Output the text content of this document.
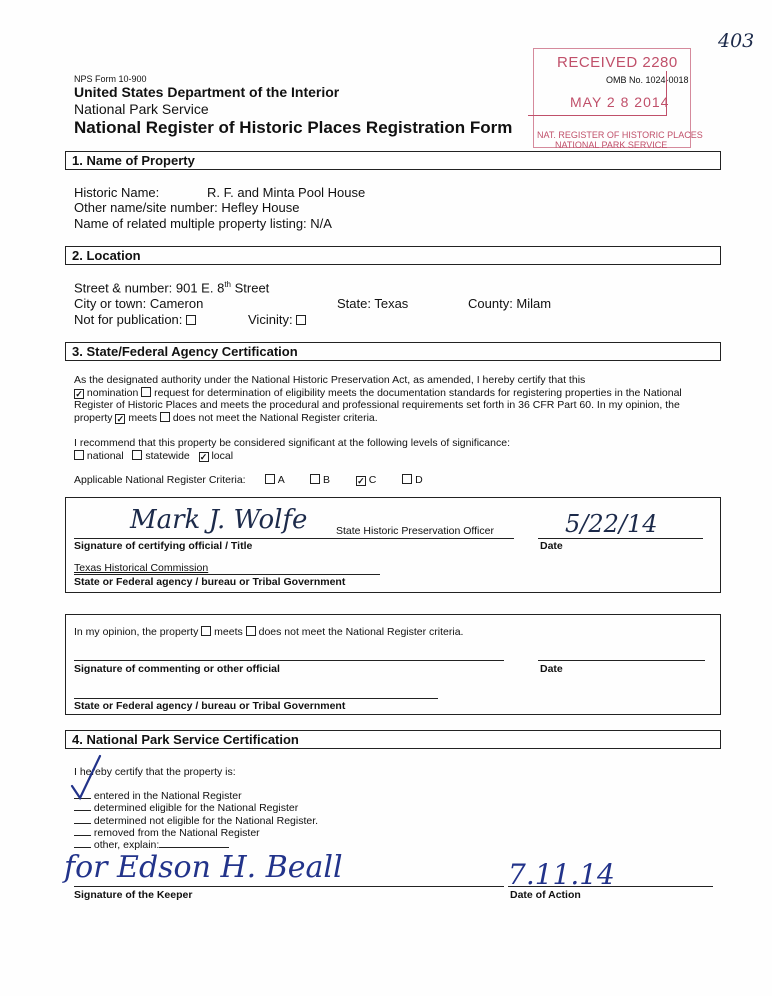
403
NPS Form 10-900	OMB No. 1024-0018
United States Department of the Interior
National Park Service
National Register of Historic Places Registration Form
RECEIVED 2280
MAY 2 8 2014
NAT. REGISTER OF HISTORIC PLACES
NATIONAL PARK SERVICE
1. Name of Property
Historic Name:	R. F. and Minta Pool House
Other name/site number: Hefley House
Name of related multiple property listing: N/A
2. Location
Street & number: 901 E. 8th Street
City or town: Cameron	State: Texas	County: Milam
Not for publication:	Vicinity:
3. State/Federal Agency Certification
As the designated authority under the National Historic Preservation Act, as amended, I hereby certify that this
✓ nomination request for determination of eligibility meets the documentation standards for registering properties in the National
Register of Historic Places and meets the procedural and professional requirements set forth in 36 CFR Part 60. In my opinion, the
property ✓ meets does not meet the National Register criteria.
I recommend that this property be considered significant at the following levels of significance:
national statewide ✓ local
Applicable National Register Criteria:	A	B	✓ C	D
Mark J. Wolfe	State Historic Preservation Officer	5/22/14
Signature of certifying official / Title	Date
Texas Historical Commission
State or Federal agency / bureau or Tribal Government
In my opinion, the property meets does not meet the National Register criteria.
Signature of commenting or other official	Date
State or Federal agency / bureau or Tribal Government
4. National Park Service Certification
I hereby certify that the property is:
entered in the National Register
determined eligible for the National Register
determined not eligible for the National Register.
removed from the National Register
other, explain:
for Edson H. Beall	7.11.14
Signature of the Keeper	Date of Action
